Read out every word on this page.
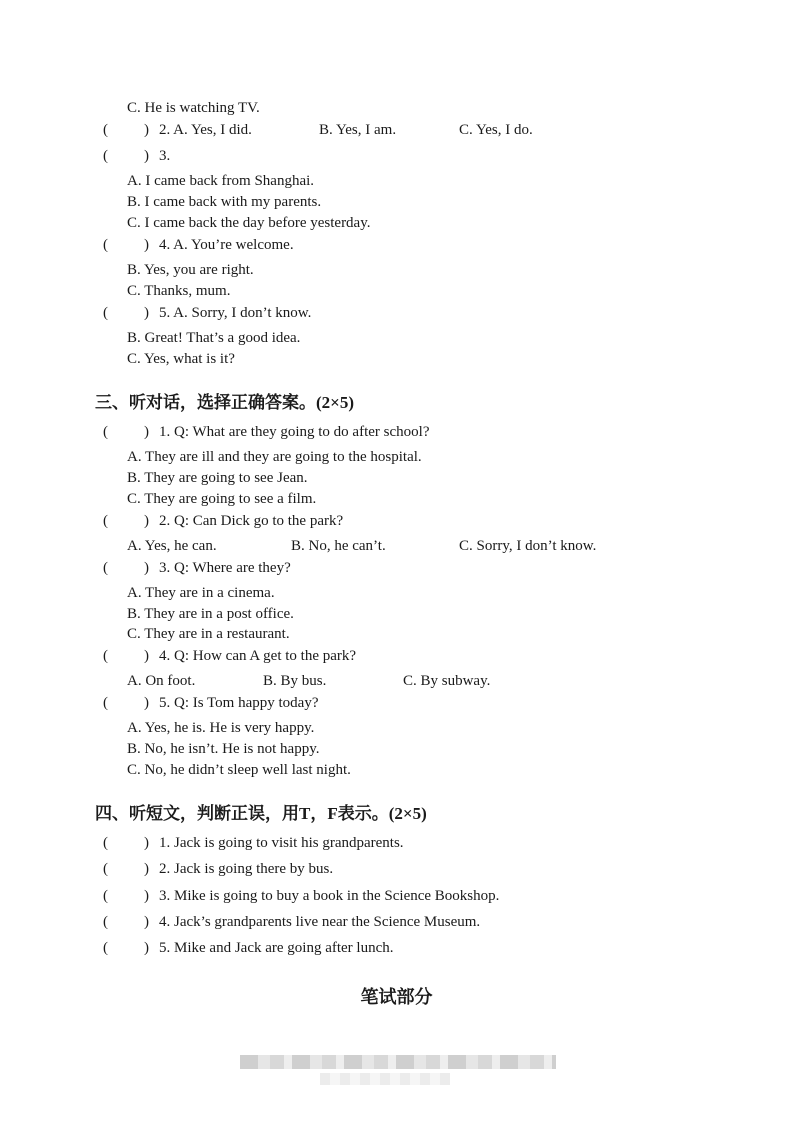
C. He is watching TV.
( ) 2. A. Yes, I did.	B. Yes, I am.	C. Yes, I do.
( ) 3.
A. I came back from Shanghai.
B. I came back with my parents.
C. I came back the day before yesterday.
( ) 4. A. You’re welcome.
B. Yes, you are right.
C. Thanks, mum.
( ) 5. A. Sorry, I don’t know.
B. Great! That’s a good idea.
C. Yes, what is it?
三、听对话，选择正确答案。(2×5)
( ) 1. Q: What are they going to do after school?
A. They are ill and they are going to the hospital.
B. They are going to see Jean.
C. They are going to see a film.
( ) 2. Q: Can Dick go to the park?
A. Yes, he can.	B. No, he can’t.	C. Sorry, I don’t know.
( ) 3. Q: Where are they?
A. They are in a cinema.
B. They are in a post office.
C. They are in a restaurant.
( ) 4. Q: How can A get to the park?
A. On foot.	B. By bus.	C. By subway.
( ) 5. Q: Is Tom happy today?
A. Yes, he is. He is very happy.
B. No, he isn’t. He is not happy.
C. No, he didn’t sleep well last night.
四、听短文，判断正误，用T，F表示。(2×5)
( ) 1. Jack is going to visit his grandparents.
( ) 2. Jack is going there by bus.
( ) 3. Mike is going to buy a book in the Science Bookshop.
( ) 4. Jack’s grandparents live near the Science Museum.
( ) 5. Mike and Jack are going after lunch.
笔试部分
